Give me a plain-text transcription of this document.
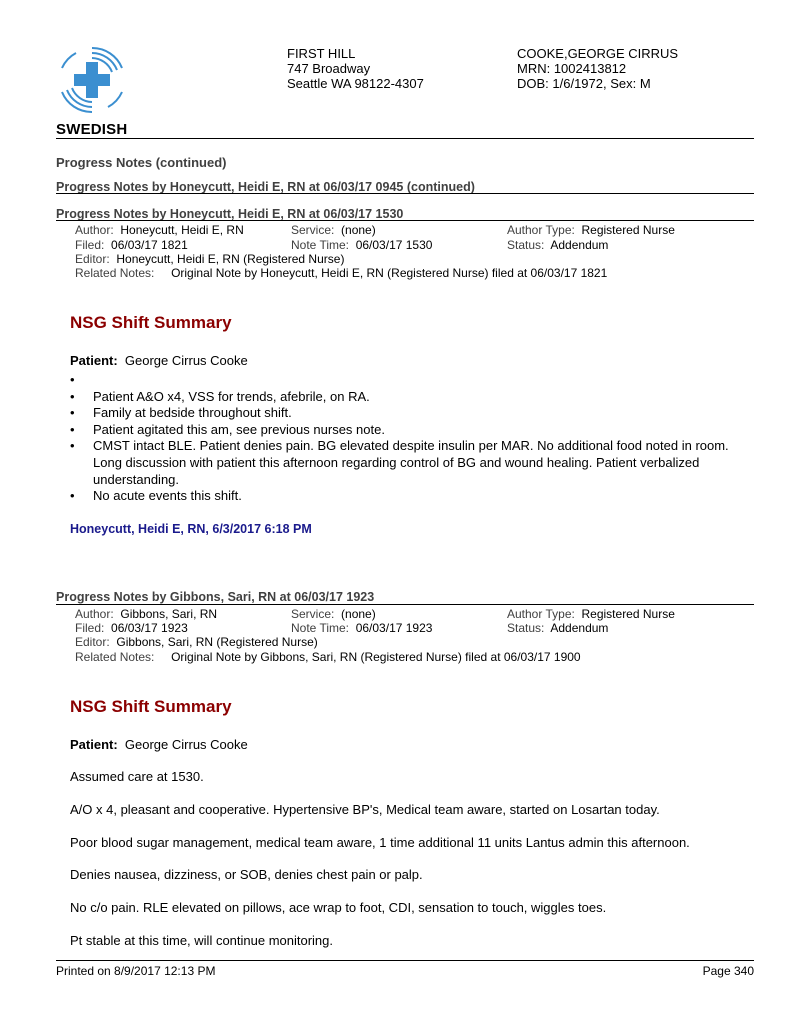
SWEDISH
FIRST HILL
747 Broadway
Seattle WA 98122-4307
COOKE,GEORGE CIRRUS
MRN: 1002413812
DOB: 1/6/1972, Sex: M
Progress Notes (continued)
Progress Notes by Honeycutt, Heidi E, RN at 06/03/17 0945 (continued)
Progress Notes by Honeycutt, Heidi E, RN at 06/03/17 1530
Author: Honeycutt, Heidi E, RN	Service: (none)	Author Type: Registered Nurse
Filed: 06/03/17 1821	Note Time: 06/03/17 1530	Status: Addendum
Editor: Honeycutt, Heidi E, RN (Registered Nurse)
Related Notes: Original Note by Honeycutt, Heidi E, RN (Registered Nurse) filed at 06/03/17 1821
NSG Shift Summary
Patient: George Cirrus Cooke
•
• Patient A&O x4, VSS for trends, afebrile, on RA.
• Family at bedside throughout shift.
• Patient agitated this am, see previous nurses note.
• CMST intact BLE. Patient denies pain. BG elevated despite insulin per MAR. No additional food noted in room. Long discussion with patient this afternoon regarding control of BG and wound healing. Patient verbalized understanding.
• No acute events this shift.
Honeycutt, Heidi E, RN, 6/3/2017 6:18 PM
Progress Notes by Gibbons, Sari, RN at 06/03/17 1923
Author: Gibbons, Sari, RN	Service: (none)	Author Type: Registered Nurse
Filed: 06/03/17 1923	Note Time: 06/03/17 1923	Status: Addendum
Editor: Gibbons, Sari, RN (Registered Nurse)
Related Notes: Original Note by Gibbons, Sari, RN (Registered Nurse) filed at 06/03/17 1900
NSG Shift Summary
Patient: George Cirrus Cooke
Assumed care at 1530.
A/O x 4, pleasant and cooperative. Hypertensive BP's, Medical team aware, started on Losartan today.
Poor blood sugar management, medical team aware, 1 time additional 11 units Lantus admin this afternoon.
Denies nausea, dizziness, or SOB, denies chest pain or palp.
No c/o pain. RLE elevated on pillows, ace wrap to foot, CDI, sensation to touch, wiggles toes.
Pt stable at this time, will continue monitoring.
Printed on 8/9/2017 12:13 PM	Page 340
